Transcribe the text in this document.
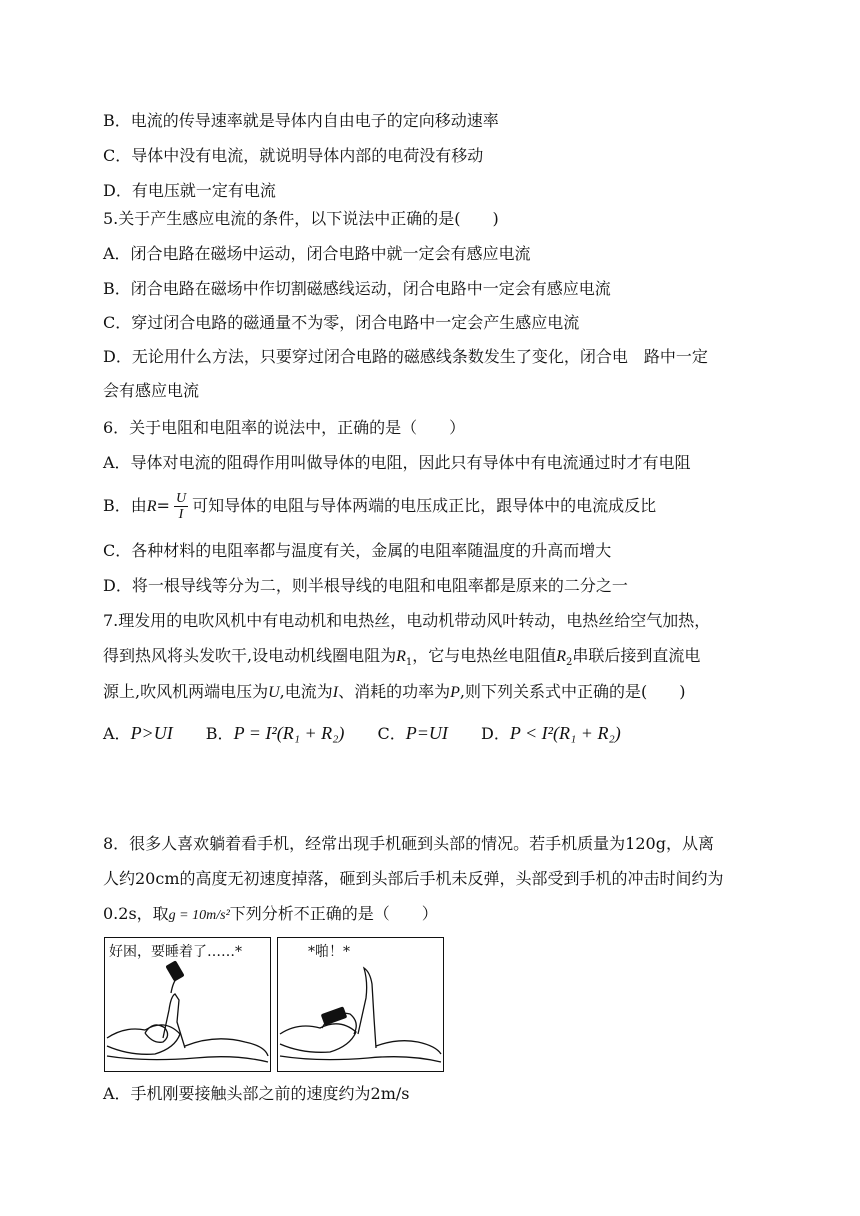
B．电流的传导速率就是导体内自由电子的定向移动速率
C．导体中没有电流，就说明导体内部的电荷没有移动
D．有电压就一定有电流
5.关于产生感应电流的条件，以下说法中正确的是(　　)
A．闭合电路在磁场中运动，闭合电路中就一定会有感应电流
B．闭合电路在磁场中作切割磁感线运动，闭合电路中一定会有感应电流
C．穿过闭合电路的磁通量不为零，闭合电路中一定会产生感应电流
D．无论用什么方法，只要穿过闭合电路的磁感线条数发生了变化，闭合电　路中一定
会有感应电流
6．关于电阻和电阻率的说法中，正确的是（　　）
A．导体对电流的阻碍作用叫做导体的电阻，因此只有导体中有电流通过时才有电阻
B．由$R= \frac{U}{I}$ 可知导体的电阻与导体两端的电压成正比，跟导体中的电流成反比
C．各种材料的电阻率都与温度有关，金属的电阻率随温度的升高而增大
D．将一根导线等分为二，则半根导线的电阻和电阻率都是原来的二分之一
7.理发用的电吹风机中有电动机和电热丝，电动机带动风叶转动，电热丝给空气加热，
得到热风将头发吹干,设电动机线圈电阻为$R_1$，它与电热丝电阻值$R_2$串联后接到直流电
源上,吹风机两端电压为U,电流为I、消耗的功率为P,则下列关系式中正确的是(　　)
A．P>UI B．P = I²(R₁ + R₂) C．P=UI D．P < I²(R₁ + R₂)
8．很多人喜欢躺着看手机，经常出现手机砸到头部的情况。若手机质量为120g，从离
人约20cm的高度无初速度掉落，砸到头部后手机未反弹，头部受到手机的冲击时间约为
0.2s，取g = 10m/s²下列分析不正确的是（　　）
好困，要睡着了……*	*啪！*
A．手机刚要接触头部之前的速度约为2m/s
